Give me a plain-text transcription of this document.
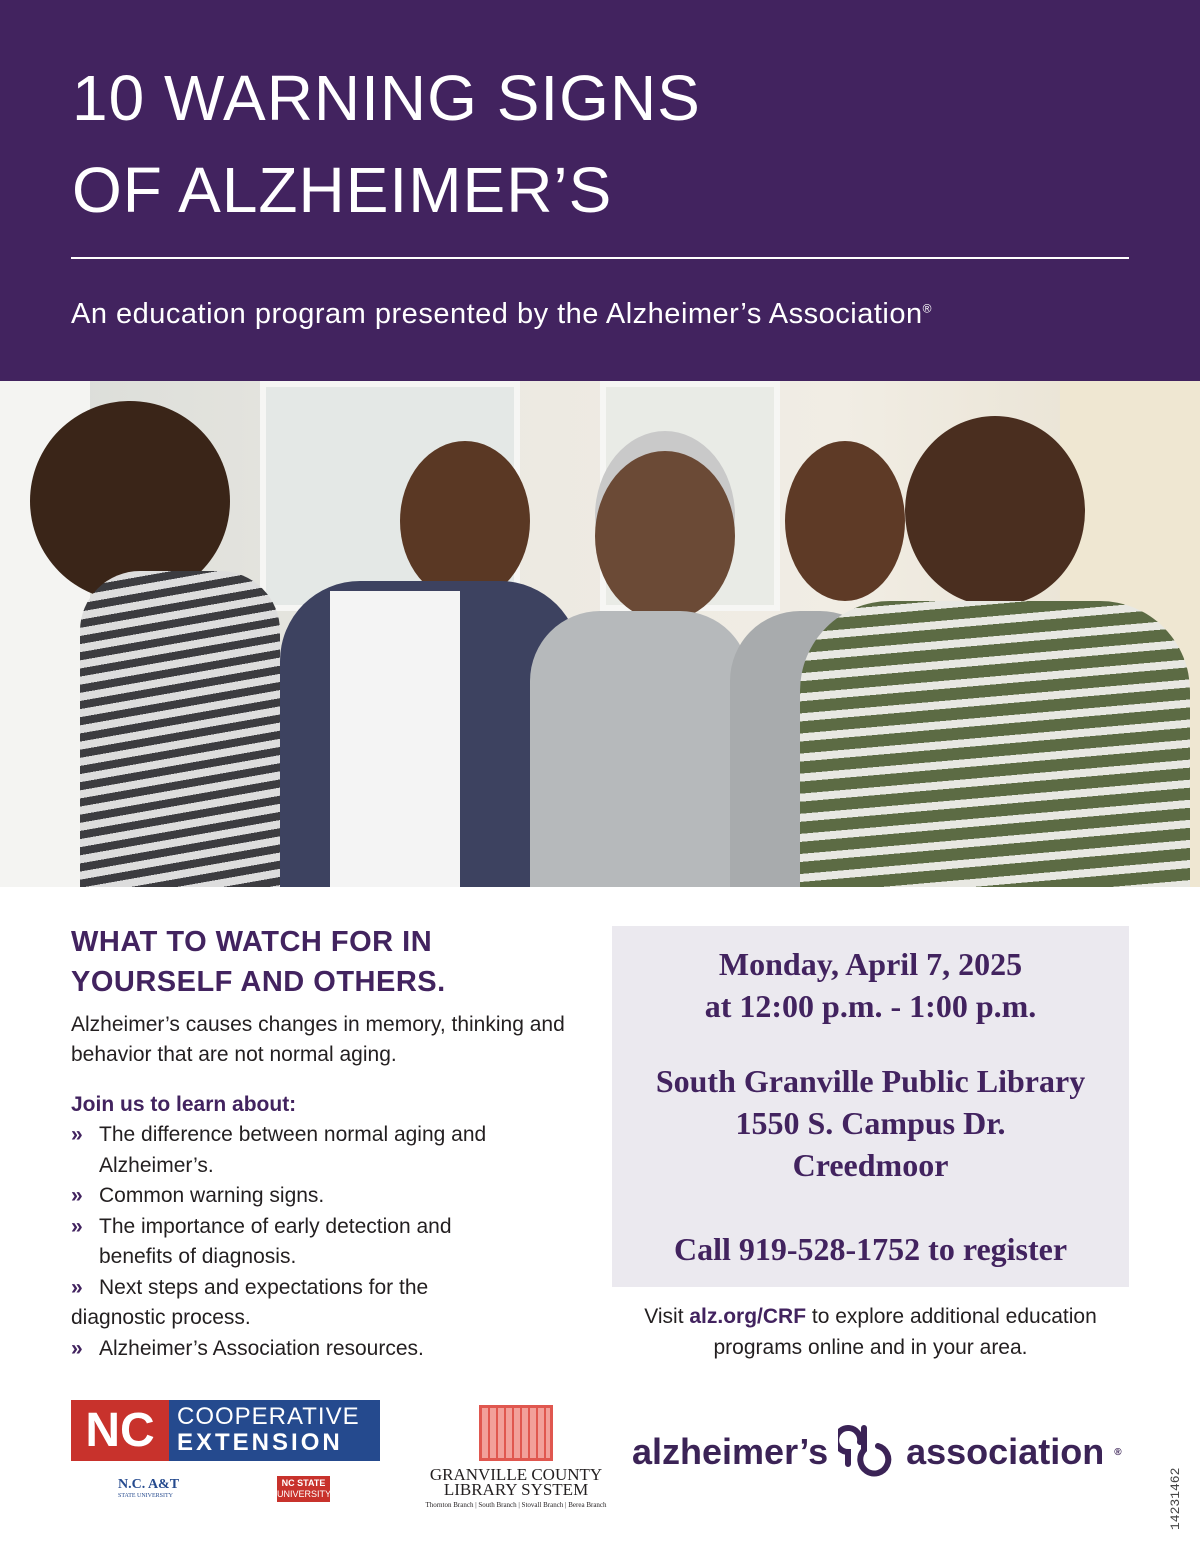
10 WARNING SIGNS
OF ALZHEIMER’S
An education program presented by the Alzheimer’s Association®
WHAT TO WATCH FOR IN
YOURSELF AND OTHERS.

Alzheimer’s causes changes in memory, thinking and behavior that are not normal aging.

Join us to learn about:
» The difference between normal aging and Alzheimer’s.
» Common warning signs.
» The importance of early detection and benefits of diagnosis.
» Next steps and expectations for the diagnostic process.
» Alzheimer’s Association resources.
Monday, April 7, 2025
at 12:00 p.m. - 1:00 p.m.
South Granville Public Library
1550 S. Campus Dr.
Creedmoor
Call 919-528-1752 to register
Visit alz.org/CRF to explore additional education programs online and in your area.
NC COOPERATIVE
EXTENSION
N.C. A&T
STATE UNIVERSITY
NC STATE
UNIVERSITY
GRANVILLE COUNTY
LIBRARY SYSTEM
Thornton Branch | South Branch | Stovall Branch | Berea Branch
alzheimer’s association ®
14231462
